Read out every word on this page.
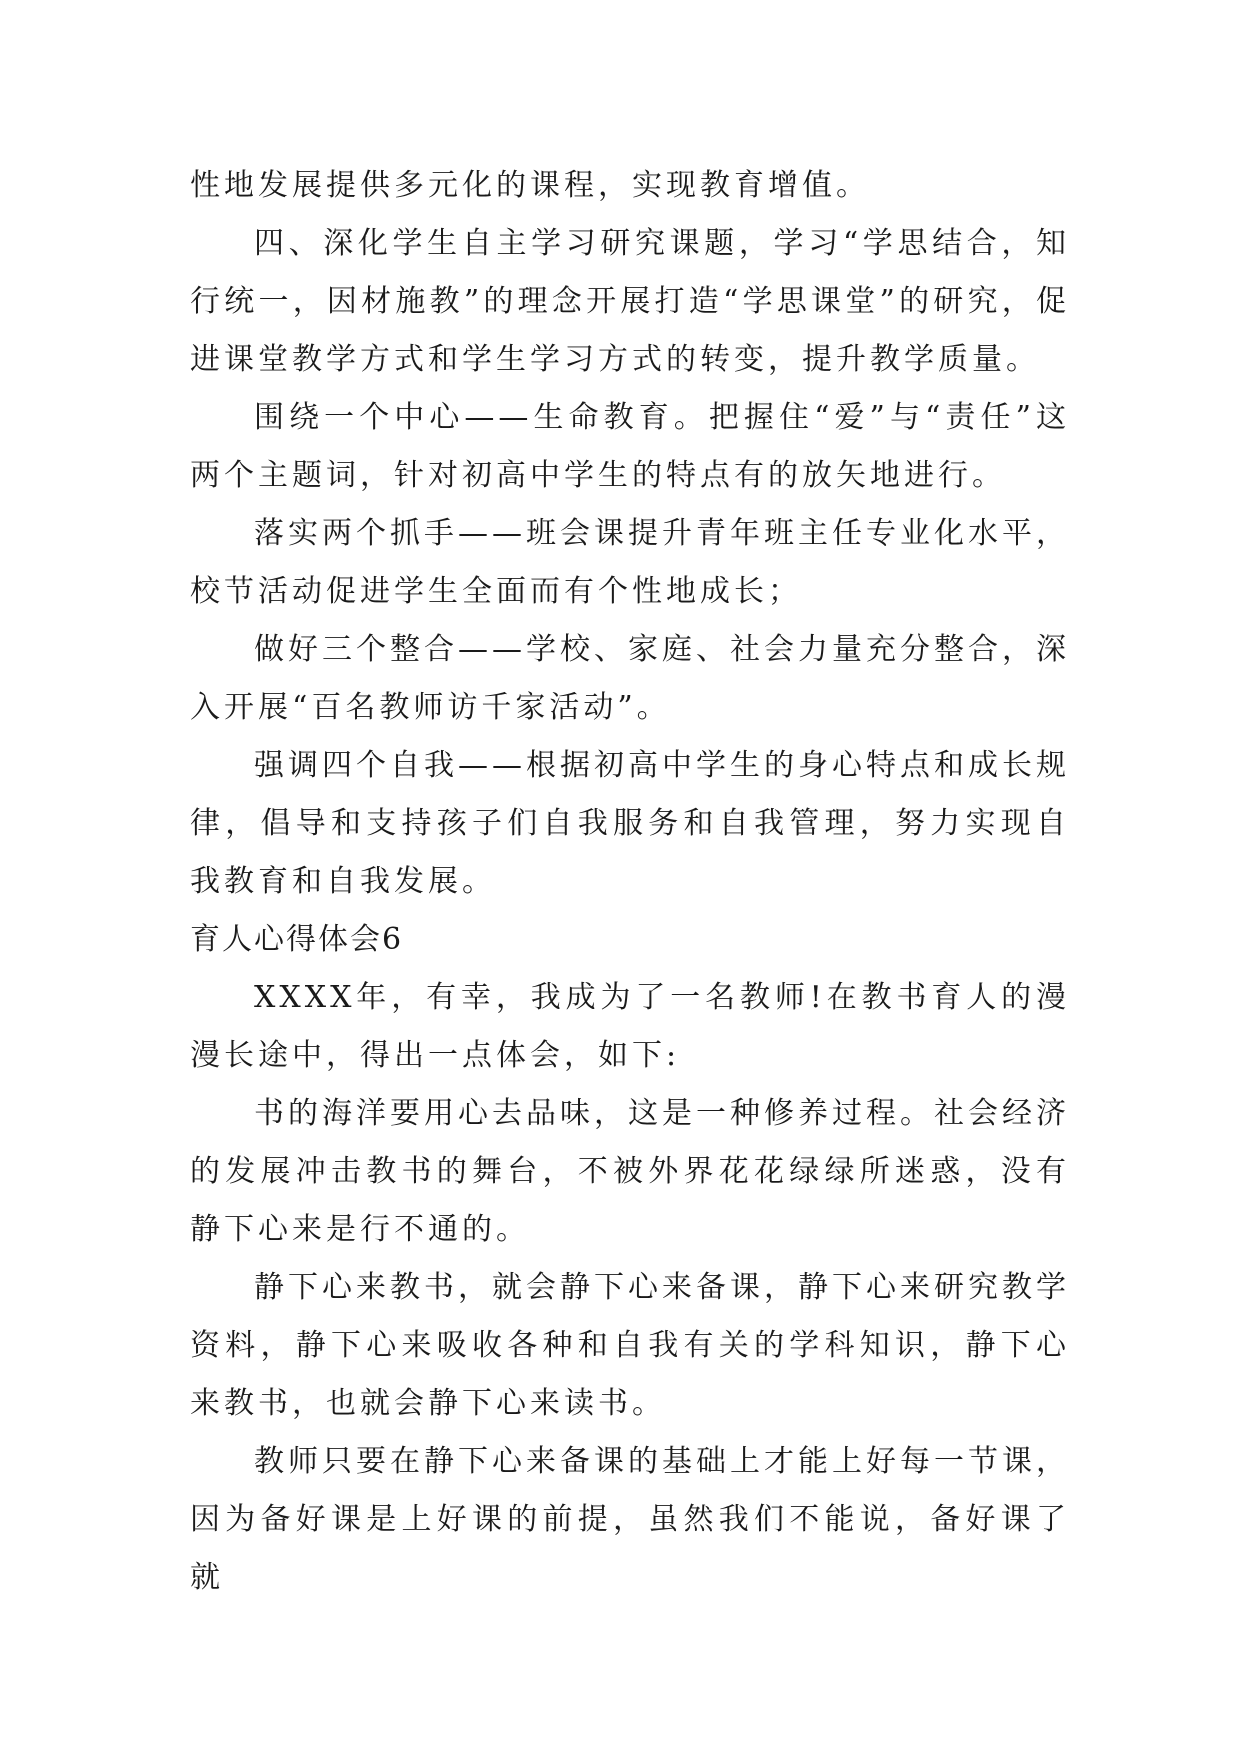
性地发展提供多元化的课程，实现教育增值。

四、深化学生自主学习研究课题，学习“学思结合，知行统一，因材施教”的理念开展打造“学思课堂”的研究，促进课堂教学方式和学生学习方式的转变，提升教学质量。

围绕一个中心——生命教育。把握住“爱”与“责任”这两个主题词，针对初高中学生的特点有的放矢地进行。

落实两个抓手——班会课提升青年班主任专业化水平，校节活动促进学生全面而有个性地成长；

做好三个整合——学校、家庭、社会力量充分整合，深入开展“百名教师访千家活动”。

强调四个自我——根据初高中学生的身心特点和成长规律，倡导和支持孩子们自我服务和自我管理，努力实现自我教育和自我发展。

育人心得体会6

XXXX年，有幸，我成为了一名教师!在教书育人的漫漫长途中，得出一点体会，如下:

书的海洋要用心去品味，这是一种修养过程。社会经济的发展冲击教书的舞台，不被外界花花绿绿所迷惑，没有静下心来是行不通的。

静下心来教书，就会静下心来备课，静下心来研究教学资料，静下心来吸收各种和自我有关的学科知识，静下心来教书，也就会静下心来读书。

教师只要在静下心来备课的基础上才能上好每一节课，因为备好课是上好课的前提，虽然我们不能说，备好课了就
